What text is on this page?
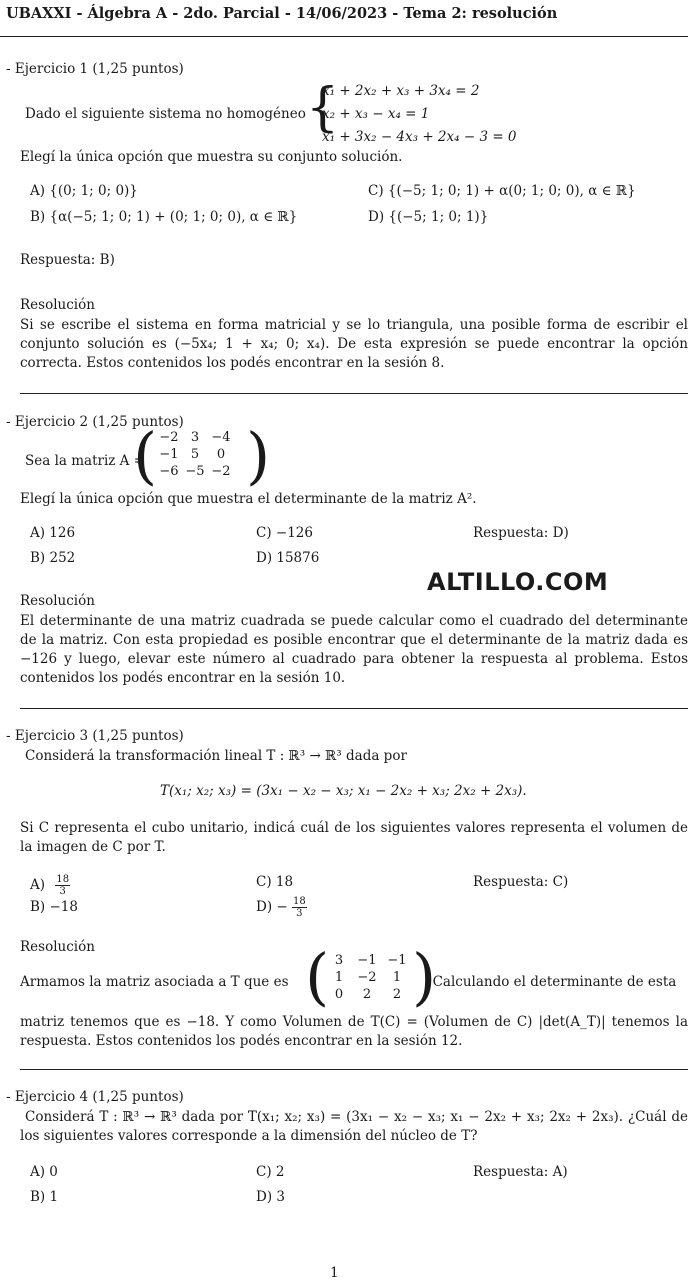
UBAXXI - Álgebra A - 2do. Parcial - 14/06/2023 - Tema 2: resolución
- Ejercicio 1 (1,25 puntos)
Dado el siguiente sistema no homogéneo {
x₁ + 2x₂ + x₃ + 3x₄ = 2
x₂ + x₃ − x₄ = 1
x₁ + 3x₂ − 4x₃ + 2x₄ − 3 = 0
Elegí la única opción que muestra su conjunto solución.
A) {(0; 1; 0; 0)}	C) {(−5; 1; 0; 1) + α(0; 1; 0; 0), α ∈ ℝ}
B) {α(−5; 1; 0; 1) + (0; 1; 0; 0), α ∈ ℝ}	D) {(−5; 1; 0; 1)}
Respuesta: B)
Resolución
Si se escribe el sistema en forma matricial y se lo triangula, una posible forma de escribir el conjunto solución es (−5x₄; 1 + x₄; 0; x₄). De esta expresión se puede encontrar la opción correcta. Estos contenidos los podés encontrar en la sesión 8.
- Ejercicio 2 (1,25 puntos)
Sea la matriz A =
( −2 3 −4
−1 5	0
−6 −5 −2 )
Elegí la única opción que muestra el determinante de la matriz A².
A) 126	C) −126	Respuesta: D)
B) 252	D) 15876
ALTILLO.COM
Resolución
El determinante de una matriz cuadrada se puede calcular como el cuadrado del determinante de la matriz. Con esta propiedad es posible encontrar que el determinante de la matriz dada es −126 y luego, elevar este número al cuadrado para obtener la respuesta al problema. Estos contenidos los podés encontrar en la sesión 10.
- Ejercicio 3 (1,25 puntos)
Considerá la transformación lineal T : ℝ³ → ℝ³ dada por
T(x₁; x₂; x₃) = (3x₁ − x₂ − x₃; x₁ − 2x₂ + x₃; 2x₂ + 2x₃).
Si C representa el cubo unitario, indicá cuál de los siguientes valores representa el volumen de la imagen de C por T.
$A) \frac{18}{3}$	C) 18	Respuesta: C)
B) −18	$D) - \frac{18}{3}$
Resolución
Armamos la matriz asociada a T que es ( 3	−1 −1
1	−2	1
0	2	2 )
. Calculando el determinante de esta
matriz tenemos que es −18. Y como Volumen de T(C) = (Volumen de C) |det(A_T)| tenemos la respuesta. Estos contenidos los podés encontrar en la sesión 12.
- Ejercicio 4 (1,25 puntos)
Considerá T : ℝ³ → ℝ³ dada por T(x₁; x₂; x₃) = (3x₁ − x₂ − x₃; x₁ − 2x₂ + x₃; 2x₂ + 2x₃). ¿Cuál de los siguientes valores corresponde a la dimensión del núcleo de T?
A) 0	C) 2	Respuesta: A)
B) 1	D) 3
1
